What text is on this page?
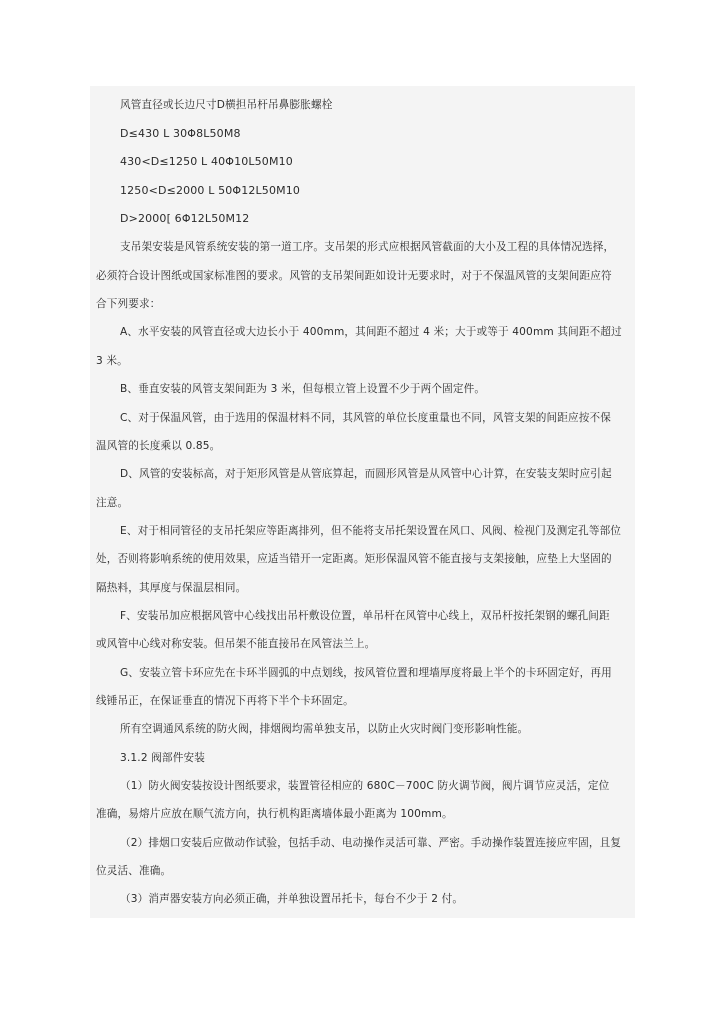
风管直径或长边尺寸D横担吊杆吊鼻膨胀螺栓
D≤430 L 30Φ8L50M8
430<D≤1250 L 40Φ10L50M10
1250<D≤2000 L 50Φ12L50M10
D>2000[ 6Φ12L50M12
支吊架安装是风管系统安装的第一道工序。支吊架的形式应根据风管截面的大小及工程的具体情况选择，
必须符合设计图纸或国家标准图的要求。风管的支吊架间距如设计无要求时，对于不保温风管的支架间距应符
合下列要求：
A、水平安装的风管直径或大边长小于 400mm，其间距不超过 4 米；大于或等于 400mm 其间距不超过
3 米。
B、垂直安装的风管支架间距为 3 米，但每根立管上设置不少于两个固定件。
C、对于保温风管，由于选用的保温材料不同，其风管的单位长度重量也不同，风管支架的间距应按不保
温风管的长度乘以 0.85。
D、风管的安装标高，对于矩形风管是从管底算起，而圆形风管是从风管中心计算，在安装支架时应引起
注意。
E、对于相同管径的支吊托架应等距离排列，但不能将支吊托架设置在风口、风阀、检视门及测定孔等部位
处，否则将影响系统的使用效果，应适当错开一定距离。矩形保温风管不能直接与支架接触，应垫上大坚固的
隔热料，其厚度与保温层相同。
F、安装吊加应根据风管中心线找出吊杆敷设位置，单吊杆在风管中心线上，双吊杆按托架钢的螺孔间距
或风管中心线对称安装。但吊架不能直接吊在风管法兰上。
G、安装立管卡环应先在卡环半圆弧的中点划线，按风管位置和埋墙厚度将最上半个的卡环固定好，再用
线锤吊正，在保证垂直的情况下再将下半个卡环固定。
所有空调通风系统的防火阀，排烟阀均需单独支吊，以防止火灾时阀门变形影响性能。
3.1.2 阀部件安装
（1）防火阀安装按设计图纸要求，装置管径相应的 680C－700C 防火调节阀，阀片调节应灵活，定位
准确，易熔片应放在顺气流方向，执行机构距离墙体最小距离为 100mm。
（2）排烟口安装后应做动作试验，包括手动、电动操作灵活可靠、严密。手动操作装置连接应牢固，且复
位灵活、准确。
（3）消声器安装方向必须正确，并单独设置吊托卡，每台不少于 2 付。
